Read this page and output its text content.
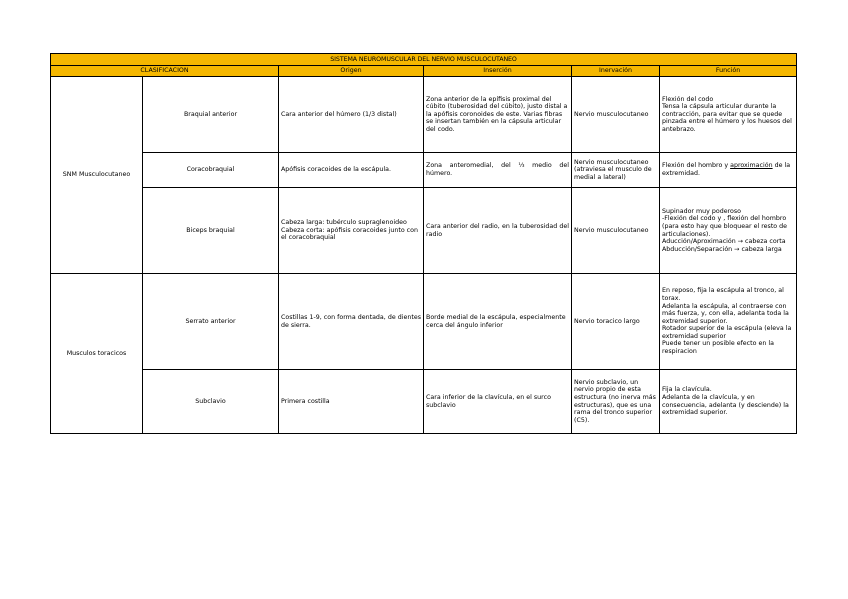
SISTEMA NEUROMUSCULAR DEL NERVIO MUSCULOCUTANEO					
CLASIFICACION		Origen	Inserción	Inervación	Función
SNM Musculocutaneo	Braquial anterior	Cara anterior del húmero (1/3 distal)	Zona anterior de la epífisis proximal del cúbito (tuberosidad del cúbito), justo distal a la apófisis coronoides de este. Varias fibras se insertan también en la cápsula articular del codo.	Nervio musculocutaneo	Flexión del codo
Tensa la cápsula articular durante la contracción, para evitar que se quede pinzada entre el húmero y los huesos del antebrazo.

	Coracobraquial	Apófisis coracoides de la escápula.	Zona anteromedial, del ⅓ medio del húmero.	Nervio musculocutaneo (atraviesa el musculo de medial a lateral)	Flexión del hombro y aproximación de la extremidad.
	Biceps braquial	Cabeza larga: tubérculo supraglenoideo Cabeza corta: apófisis coracoides junto con el coracobraquial	Cara anterior del radio, en la tuberosidad del radio	Nervio musculocutaneo	Supinador muy poderoso
-Flexión del codo y , flexión del hombro (para esto hay que bloquear el resto de articulaciones).
Aducción/Aproximación → cabeza corta
Abducción/Separación → cabeza larga

Musculos toracicos	Serrato anterior	Costillas 1-9, con forma dentada, de dientes de sierra.	Borde medial de la escápula, especialmente cerca del ángulo inferior	Nervio toracico largo	En reposo, fija la escápula al tronco, al torax.
Adelanta la escápula, al contraerse con más fuerza, y, con ella, adelanta toda la extremidad superior.
Rotador superior de la escápula (eleva la extremidad superior
Puede tener un posible efecto en la respiracion

	Subclavio	Primera costilla	Cara inferior de la clavícula, en el surco subclavio	Nervio subclavio, un nervio propio de esta estructura (no inerva más estructuras), que es una rama del tronco superior (C5).	Fija la clavícula.
Adelanta de la clavícula, y en consecuencia, adelanta (y desciende) la extremidad superior.
